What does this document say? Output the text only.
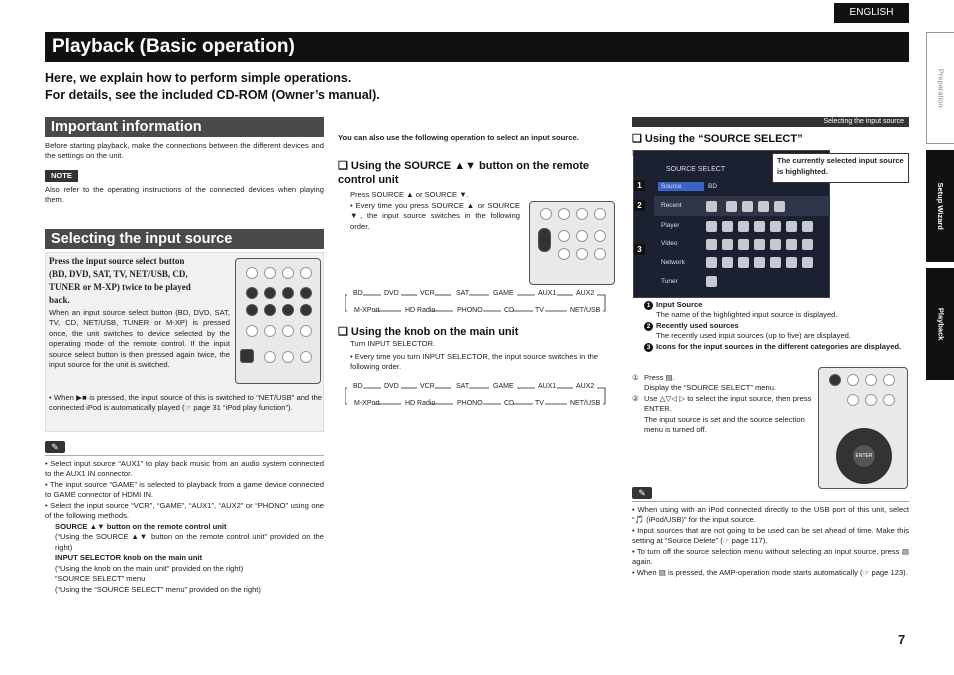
ENGLISH
Playback (Basic operation)
Here, we explain how to perform simple operations.
For details, see the included CD-ROM (Owner’s manual).	Preparation
Setup Wizard
Playback
Important information
Before starting playback, make the connections between the different devices and the settings on the unit.
NOTE
Also refer to the operating instructions of the connected devices when playing them.
Selecting the input source
Press the input source select button
(BD, DVD, SAT, TV, NET/USB, CD,
TUNER or M-XP) twice to be played
back.
When an input source select button (BD, DVD, SAT, TV, CD, NET/USB, TUNER or M-XP) is pressed once, the unit switches to device selected by the operating mode of the remote control. If the input source select button is then pressed again twice, the input source for the unit is switched.
• When ▶■ is pressed, the input source of this is switched to “NET/USB” and the connected iPod is automatically played (☞ page 31 “iPod play function”).
✎
• Select input source “AUX1” to play back music from an audio system connected to the AUX1 IN connector.
• The input source “GAME” is selected to playback from a game device connected to GAME connector of HDMI IN.
• Select the input source “VCR”, “GAME”, “AUX1”, “AUX2” or “PHONO” using one of the following methods.
SOURCE ▲▼ button on the remote control unit
(“Using the SOURCE ▲▼ button on the remote control unit” provided on the right)
INPUT SELECTOR knob on the main unit
(“Using the knob on the main unit” provided on the right)
“SOURCE SELECT” menu
(“Using the “SOURCE SELECT” menu” provided on the right)
You can also use the following operation to select an input source.
❑ Using the SOURCE ▲▼ button on the remote control unit
Press SOURCE ▲ or SOURCE ▼.
• Every time you press SOURCE ▲ or SOURCE ▼, the input source switches in the following order.
BD	DVD	VCR	SAT	GAME	AUX1	AUX2
M-XPort	HD Radio	PHONO	CD	TV	NET/USB
❑ Using the knob on the main unit
Turn INPUT SELECTOR.
• Every time you turn INPUT SELECTOR, the input source switches in the following order.
BD	DVD	VCR	SAT	GAME	AUX1	AUX2
M-XPort	HD Radio	PHONO	CD	TV	NET/USB
Selecting the input source
❑ Using the “SOURCE SELECT”
SOURCE SELECT
Source	BD
Recent
Player
Video
Network
Tuner
The currently selected input source is highlighted.
1
2
3
1 Input Source
The name of the highlighted input source is displayed.
2 Recently used sources
The recently used input sources (up to five) are displayed.
3 Icons for the input sources in the different categories are displayed.
① Press ▤.
Display the “SOURCE SELECT” menu.
② Use △▽◁ ▷ to select the input source, then press ENTER.
The input source is set and the source selection menu is turned off.
ENTER
✎
• When using with an iPod connected directly to the USB port of this unit, select “🎵 (iPod/USB)” for the input source.
• Input sources that are not going to be used can be set ahead of time. Make this setting at “Source Delete” (☞ page 117).
• To turn off the source selection menu without selecting an input source, press ▤ again.
• When ▤ is pressed, the AMP-operation mode starts automatically (☞ page 123).
7
